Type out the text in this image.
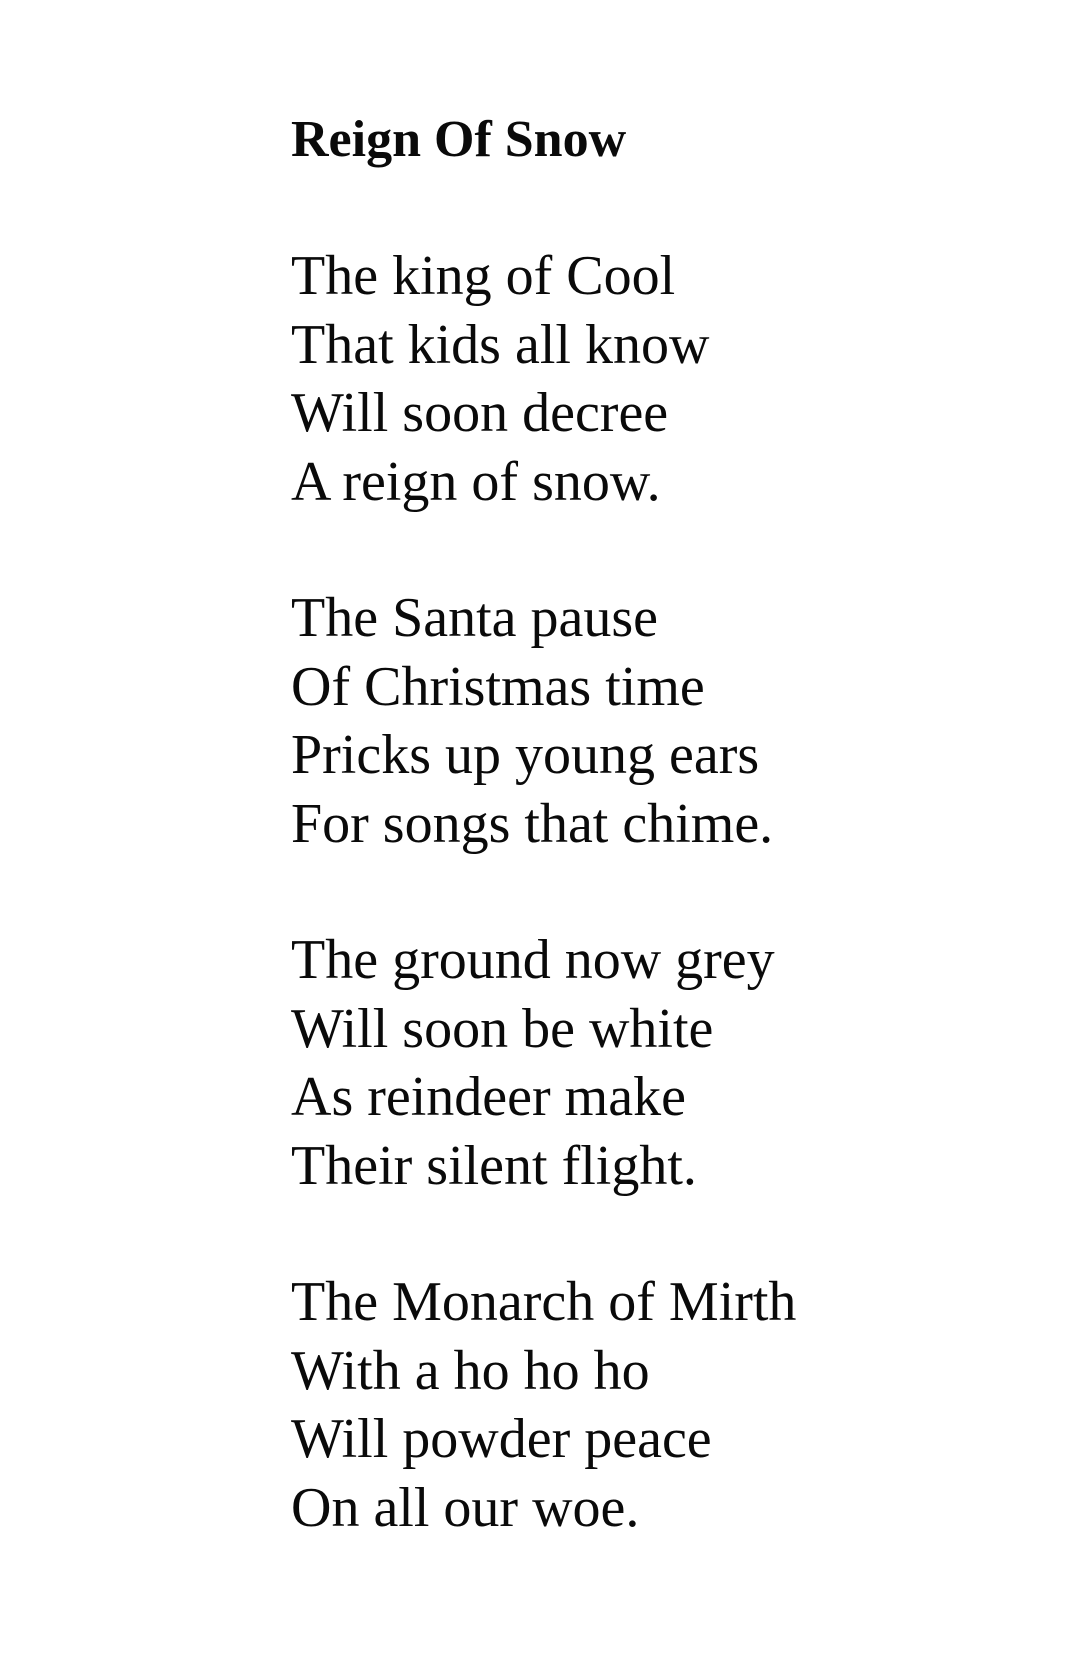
Reign Of Snow
The king of Cool
That kids all know
Will soon decree
A reign of snow.
The Santa pause
Of Christmas time
Pricks up young ears
For songs that chime.
The ground now grey
Will soon be white
As reindeer make
Their silent flight.
The Monarch of Mirth
With a ho ho ho
Will powder peace
On all our woe.
